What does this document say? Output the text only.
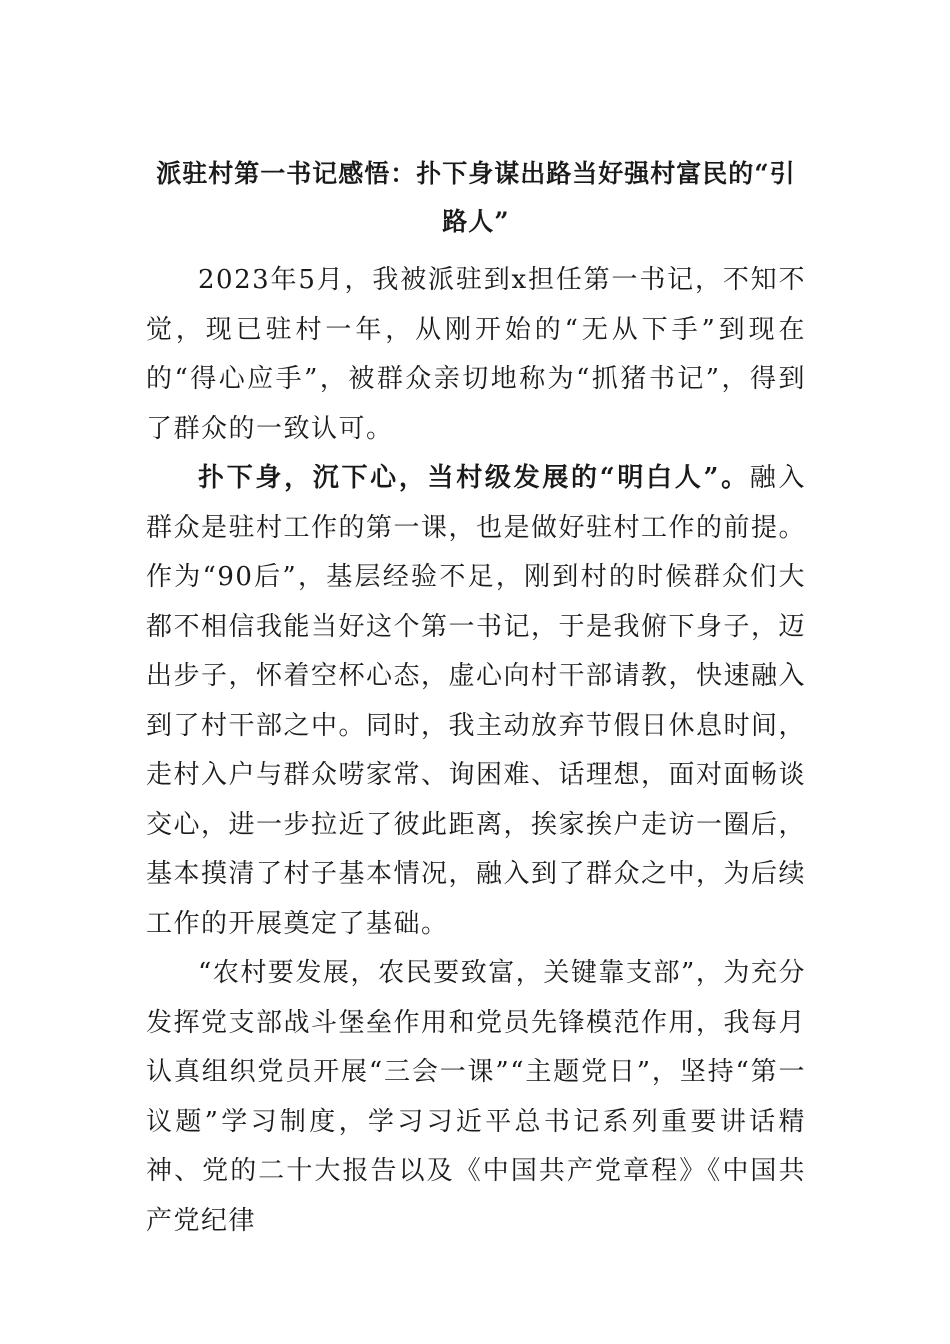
派驻村第一书记感悟：扑下身谋出路当好强村富民的“引路人”

2023年5月，我被派驻到x担任第一书记，不知不觉，现已驻村一年，从刚开始的“无从下手”到现在的“得心应手”，被群众亲切地称为“抓猪书记”，得到了群众的一致认可。

扑下身，沉下心，当村级发展的“明白人”。融入群众是驻村工作的第一课，也是做好驻村工作的前提。作为“90后”，基层经验不足，刚到村的时候群众们大都不相信我能当好这个第一书记，于是我俯下身子，迈出步子，怀着空杯心态，虚心向村干部请教，快速融入到了村干部之中。同时，我主动放弃节假日休息时间，走村入户与群众唠家常、询困难、话理想，面对面畅谈交心，进一步拉近了彼此距离，挨家挨户走访一圈后，基本摸清了村子基本情况，融入到了群众之中，为后续工作的开展奠定了基础。

“农村要发展，农民要致富，关键靠支部”，为充分发挥党支部战斗堡垒作用和党员先锋模范作用，我每月认真组织党员开展“三会一课”“主题党日”，坚持“第一议题”学习制度，学习习近平总书记系列重要讲话精神、党的二十大报告以及《中国共产党章程》《中国共产党纪律
